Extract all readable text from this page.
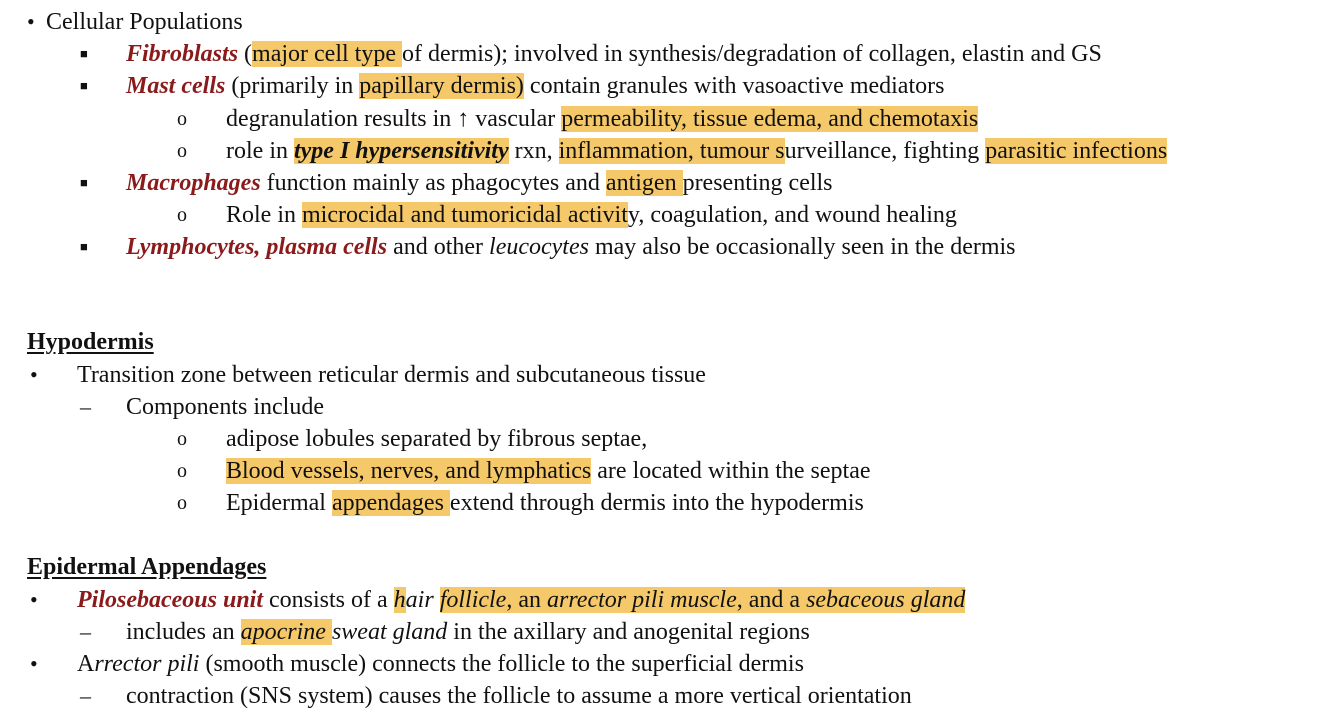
• Cellular Populations
■ Fibroblasts (major cell type of dermis); involved in synthesis/degradation of collagen, elastin and GS
■ Mast cells (primarily in papillary dermis) contain granules with vasoactive mediators
o degranulation results in ↑ vascular permeability, tissue edema, and chemotaxis
o role in type I hypersensitivity rxn, inflammation, tumour surveillance, fighting parasitic infections
■ Macrophages function mainly as phagocytes and antigen presenting cells
o Role in microcidal and tumoricidal activity, coagulation, and wound healing
■ Lymphocytes, plasma cells and other leucocytes may also be occasionally seen in the dermis
Hypodermis
• Transition zone between reticular dermis and subcutaneous tissue
– Components include
o adipose lobules separated by fibrous septae,
o Blood vessels, nerves, and lymphatics are located within the septae
o Epidermal appendages extend through dermis into the hypodermis
Epidermal Appendages
• Pilosebaceous unit consists of a hair follicle, an arrector pili muscle, and a sebaceous gland
– includes an apocrine sweat gland in the axillary and anogenital regions
• Arrector pili (smooth muscle) connects the follicle to the superficial dermis
– contraction (SNS system) causes the follicle to assume a more vertical orientation
